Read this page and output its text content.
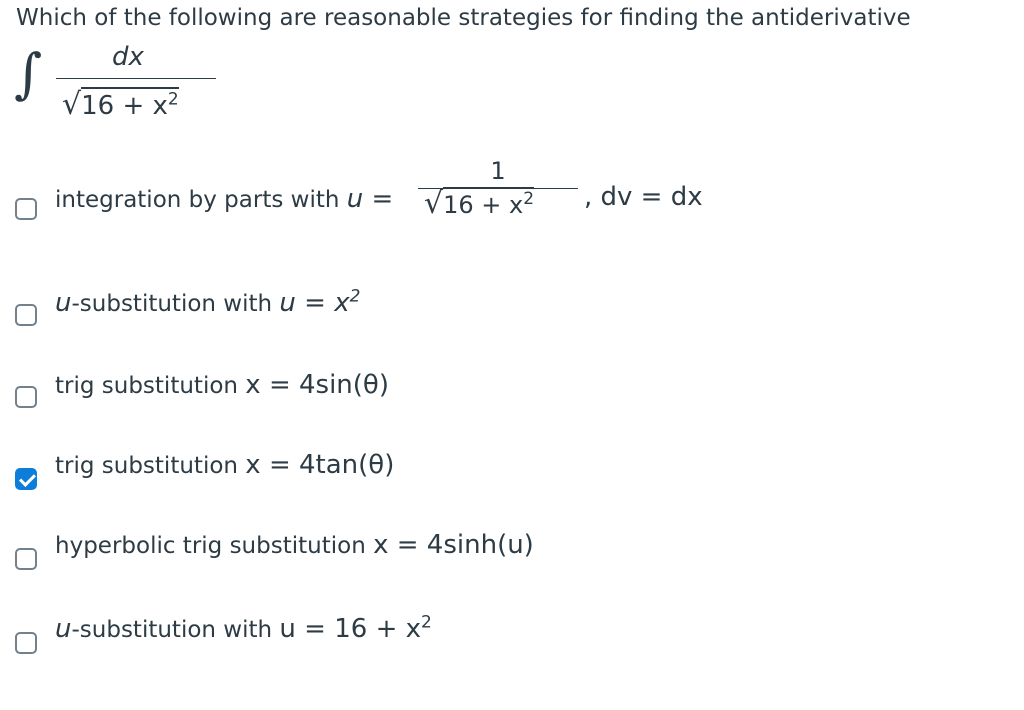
Which of the following are reasonable strategies for finding the antiderivative
∫	dx
$√16 + x^2$
integration by parts with u =
1
$√16 + x^2$	, dv = dx
u-substitution with $u = x^2$
trig substitution x = 4sin(θ)
trig substitution x = 4tan(θ)
hyperbolic trig substitution x = 4sinh(u)
u-substitution with $u = 16 + x^2$
